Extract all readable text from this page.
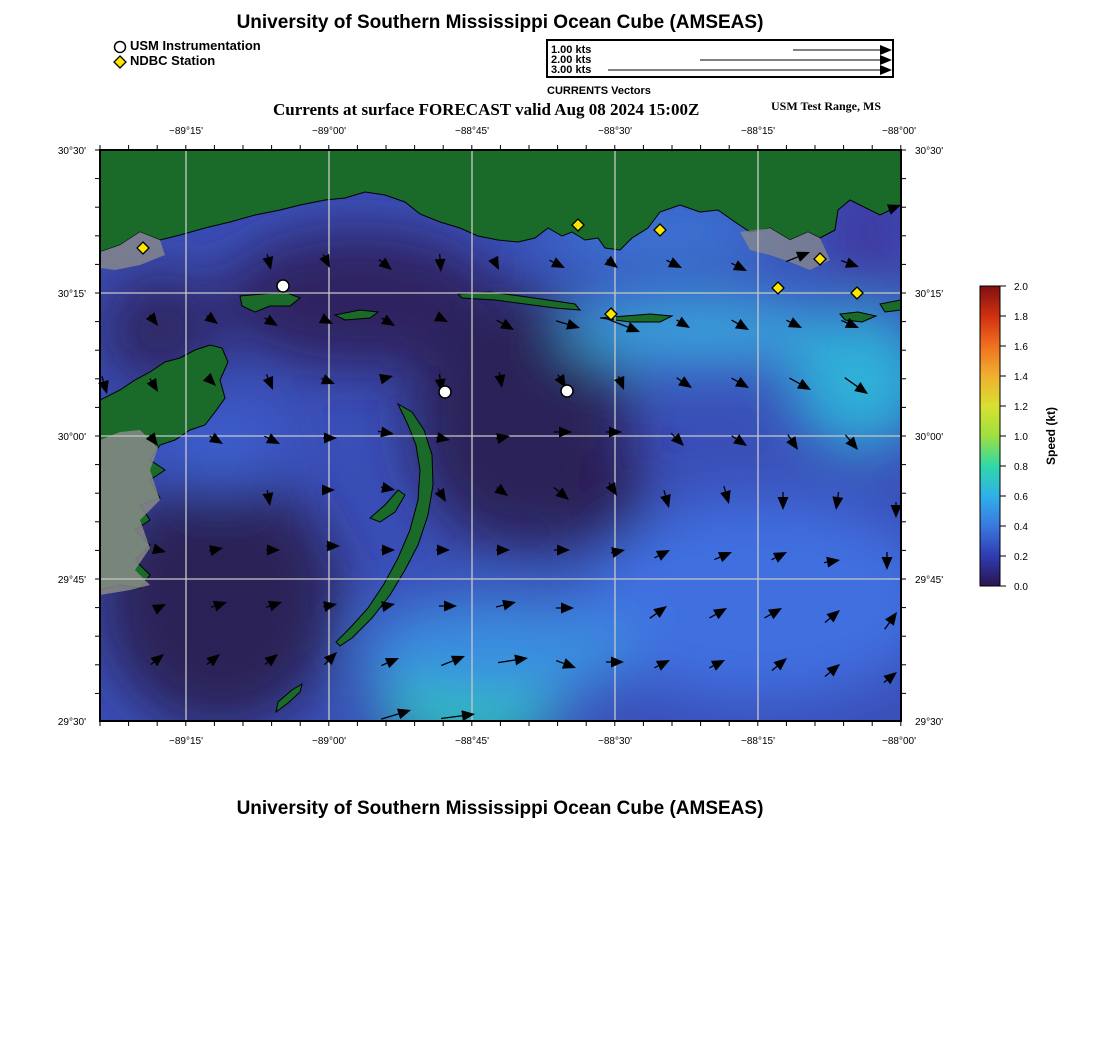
University of Southern Mississippi Ocean Cube (AMSEAS)
USM Instrumentation
NDBC Station
1.00 kts
2.00 kts
3.00 kts
CURRENTS Vectors
Currents at surface FORECAST valid Aug 08 2024 15:00Z	USM Test Range, MS
−89°15'	−89°00'	−88°45'	−88°30'	−88°15'	−88°00'
−89°15'	−89°00'	−88°45'	−88°30'	−88°15'	−88°00'
30°30'
30°15'
30°00'
29°45'
29°30'
30°30'
30°15'
30°00'
29°45'
29°30'
2.0
1.8
1.6
1.4
1.2
1.0
0.8
0.6
0.4
0.2
0.0
Speed (kt)
University of Southern Mississippi Ocean Cube (AMSEAS)
